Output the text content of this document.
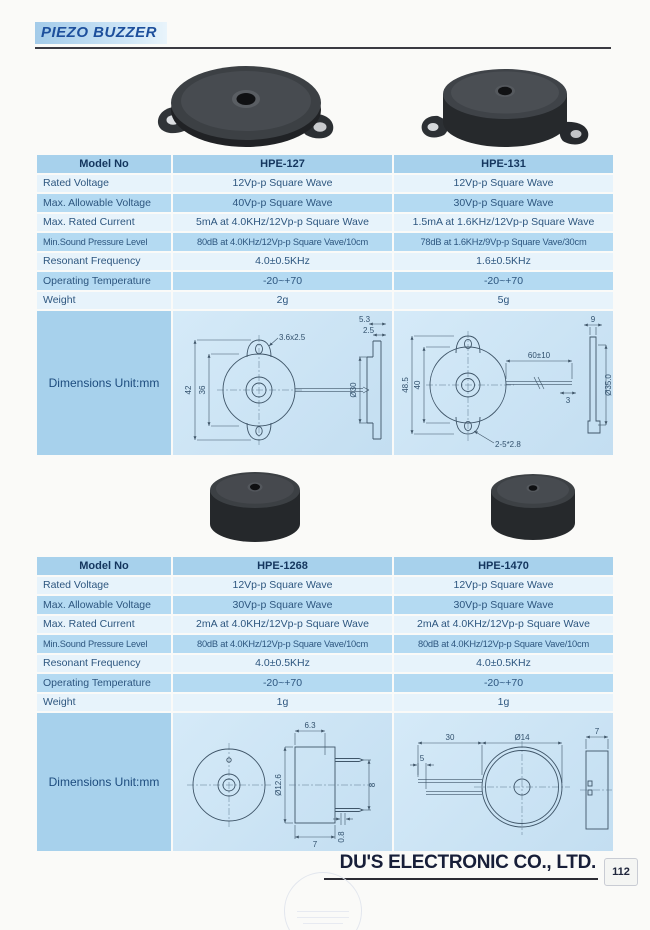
PIEZO BUZZER
Model No	HPE-127	HPE-131
Rated Voltage	12Vp-p Square Wave	12Vp-p Square Wave
Max. Allowable Voltage	40Vp-p Square Wave	30Vp-p Square Wave
Max. Rated Current	5mA at 4.0KHz/12Vp-p Square Wave	1.5mA at 1.6KHz/12Vp-p Square Wave
Min.Sound Pressure Level	80dB at 4.0KHz/12Vp-p Square Vave/10cm	78dB at 1.6KHz/9Vp-p Square Vave/30cm
Resonant Frequency	4.0±0.5KHz	1.6±0.5KHz
Operating Temperature	-20~+70	-20~+70
Weight	2g	5g
Dimensions Unit:mm	42 36
3.6x2.5
5.3
2.5
Ø30	48.5 40
60±10
3
2-5*2.8
9
Ø35.0
Model No	HPE-1268	HPE-1470
Rated Voltage	12Vp-p Square Wave	12Vp-p Square Wave
Max. Allowable Voltage	30Vp-p Square Wave	30Vp-p Square Wave
Max. Rated Current	2mA at 4.0KHz/12Vp-p Square Wave	2mA at 4.0KHz/12Vp-p Square Wave
Min.Sound Pressure Level	80dB at 4.0KHz/12Vp-p Square Vave/10cm	80dB at 4.0KHz/12Vp-p Square Vave/10cm
Resonant Frequency	4.0±0.5KHz	4.0±0.5KHz
Operating Temperature	-20~+70	-20~+70
Weight	1g	1g
Dimensions Unit:mm
6.3
Ø12.6
7
8
0.8
30	Ø14
5
7
DU'S ELECTRONIC CO., LTD. 112
